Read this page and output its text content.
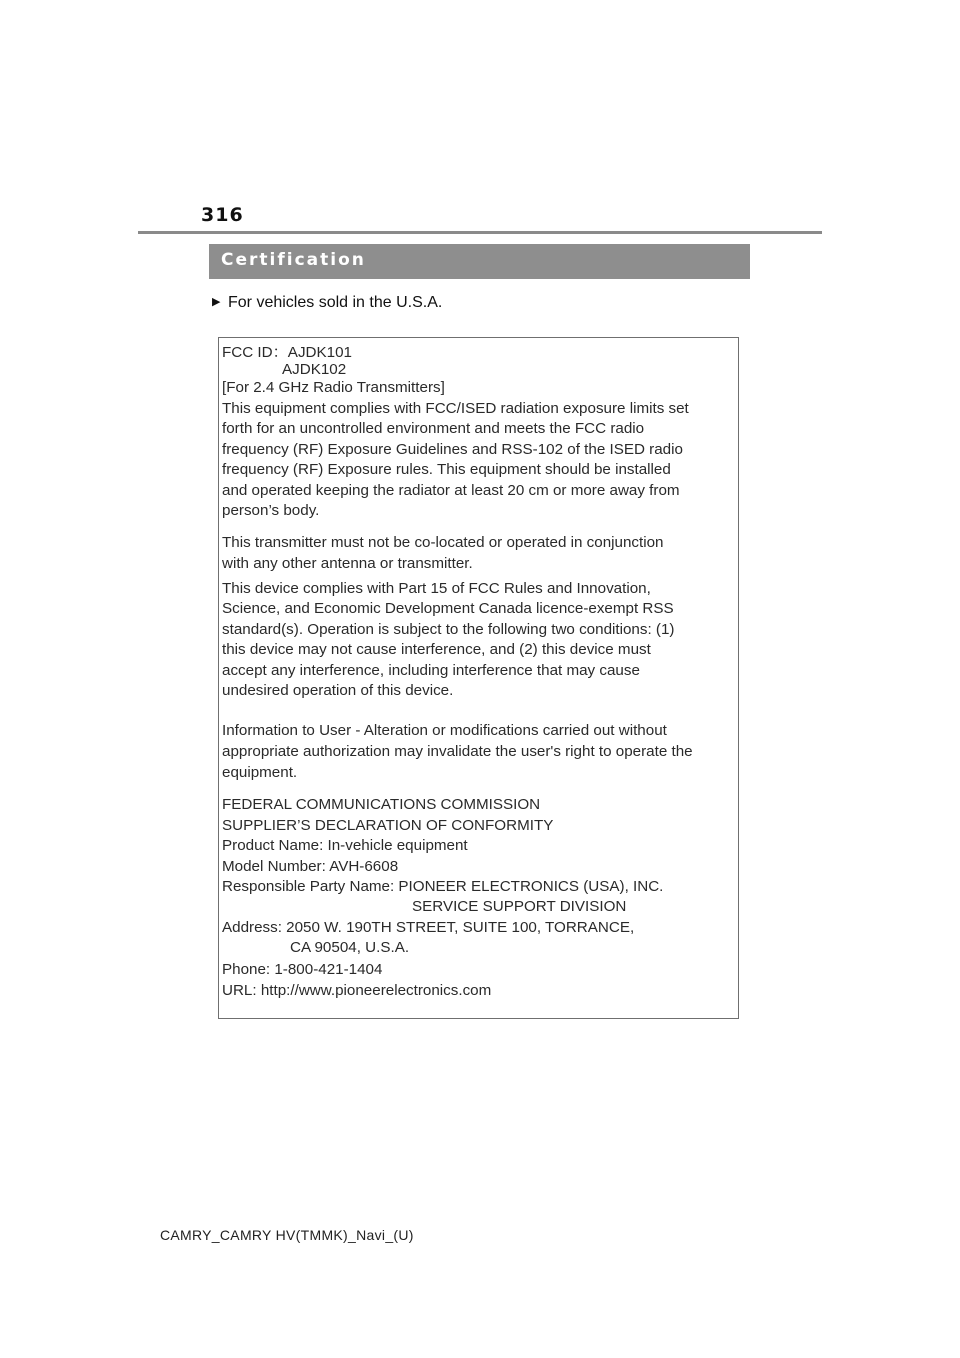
316
Certification
▶ For vehicles sold in the U.S.A.
FCC ID：AJDK101
AJDK102
[For 2.4 GHz Radio Transmitters]
This equipment complies with FCC/ISED radiation exposure limits set
forth for an uncontrolled environment and meets the FCC radio
frequency (RF) Exposure Guidelines and RSS-102 of the ISED radio
frequency (RF) Exposure rules. This equipment should be installed
and operated keeping the radiator at least 20 cm or more away from
person’s body.
This transmitter must not be co-located or operated in conjunction
with any other antenna or transmitter.
This device complies with Part 15 of FCC Rules and Innovation,
Science, and Economic Development Canada licence-exempt RSS
standard(s). Operation is subject to the following two conditions: (1)
this device may not cause interference, and (2) this device must
accept any interference, including interference that may cause
undesired operation of this device.
Information to User - Alteration or modifications carried out without
appropriate authorization may invalidate the user's right to operate the
equipment.
FEDERAL COMMUNICATIONS COMMISSION
SUPPLIER’S DECLARATION OF CONFORMITY
Product Name: In-vehicle equipment
Model Number: AVH-6608
Responsible Party Name: PIONEER ELECTRONICS (USA), INC.
SERVICE SUPPORT DIVISION
Address: 2050 W. 190TH STREET, SUITE 100, TORRANCE,
CA 90504, U.S.A.
Phone: 1-800-421-1404
URL: http://www.pioneerelectronics.com
CAMRY_CAMRY HV(TMMK)_Navi_(U)
